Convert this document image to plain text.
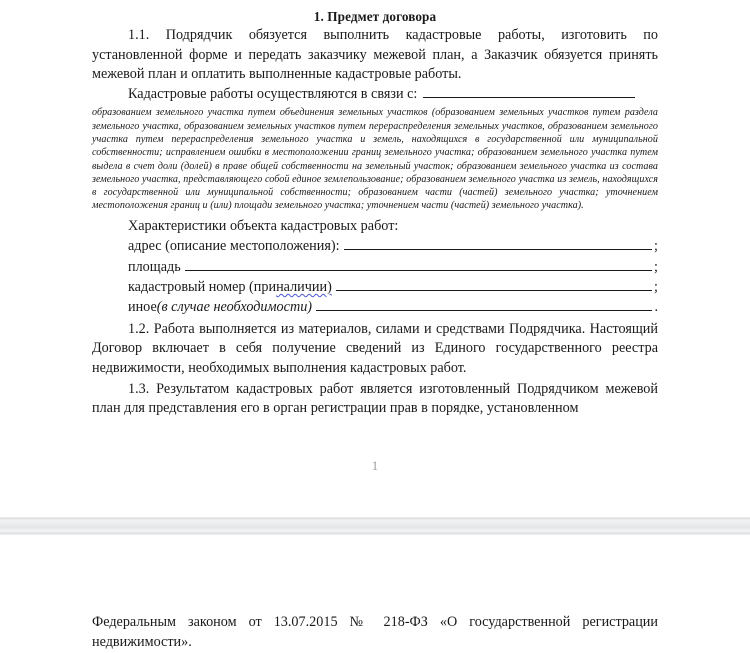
1. Предмет договора

1.1. Подрядчик обязуется выполнить кадастровые работы, изготовить по установленной форме и передать заказчику межевой план, а Заказчик обязуется принять межевой план и оплатить выполненные кадастровые работы.

Кадастровые работы осуществляются в связи с:

образованием земельного участка путем объединения земельных участков (образованием земельных участков путем раздела земельного участка, образованием земельных участков путем перераспределения земельных участков, образованием земельного участка путем перераспределения земельного участка и земель, находящихся в государственной или муниципальной собственности; исправлением ошибки в местоположении границ земельного участка; образованием земельного участка путем выдела в счет доли (долей) в праве общей собственности на земельный участок; образованием земельного участка из состава земельного участка, представляющего собой единое землепользование; образованием земельного участка из земель, находящихся в государственной или муниципальной собственности; образованием части (частей) земельного участка; уточнением местоположения границ и (или) площади земельного участка; уточнением части (частей) земельного участка).

Характеристики объекта кадастровых работ:

адрес (описание местоположения):	;
площадь	;
кадастровый номер (при наличии)	;
иное (в случае необходимости)	.

1.2. Работа выполняется из материалов, силами и средствами Подрядчика. Настоящий Договор включает в себя получение сведений из Единого государственного реестра недвижимости, необходимых выполнения кадастровых работ.

1.3. Результатом кадастровых работ является изготовленный Подрядчиком межевой план для представления его в орган регистрации прав в порядке, установленном

1

Федеральным законом от 13.07.2015 № 218-ФЗ «О государственной регистрации недвижимости».
